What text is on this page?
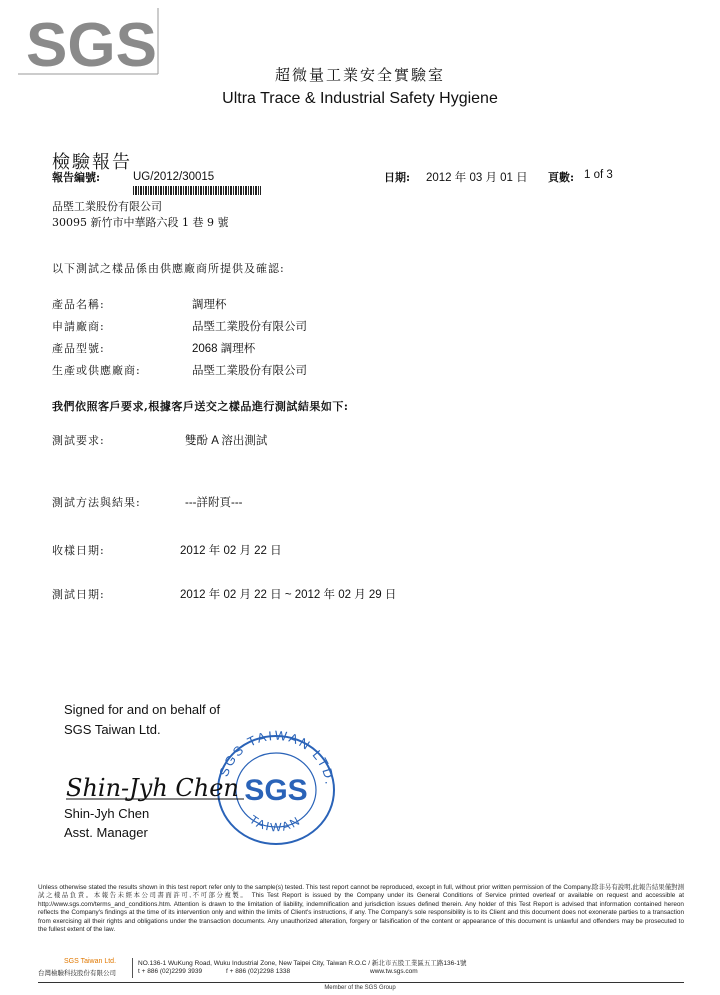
SGS	超微量工業安全實驗室
Ultra Trace & Industrial Safety Hygiene
檢驗報告
報告編號:	UG/2012/30015	日期: 2012 年 03 月 01 日 頁數: 1 of 3
品塈工業股份有限公司
30095 新竹市中華路六段 1 巷 9 號
以下測試之樣品係由供應廠商所提供及確認:
產品名稱:	調理杯
申請廠商:	品塈工業股份有限公司
產品型號:	2068 調理杯
生產或供應廠商:	品塈工業股份有限公司
我們依照客戶要求,根據客戶送交之樣品進行測試結果如下:
測試要求:	雙酚 A 溶出測試
測試方法與結果:	---詳附頁---
收樣日期:	2012 年 02 月 22 日
測試日期:	2012 年 02 月 22 日 ~ 2012 年 02 月 29 日
Signed for and on behalf of
SGS Taiwan Ltd.
SGS TAIWAN LTD.
SGS
TAIWAN
Shin-Jyh Chen
Shin-Jyh Chen
Asst. Manager
Unless otherwise stated the results shown in this test report refer only to the sample(s) tested. This test report cannot be reproduced, except in full, without prior written permission of the Company.除非另有說明,此報告結果僅對測試之樣品負責。本報告未經本公司書面許可,不可部分複製。 This Test Report is issued by the Company under its General Conditions of Service printed overleaf or available on request and accessible at http://www.sgs.com/terms_and_conditions.htm. Attention is drawn to the limitation of liability, indemnification and jurisdiction issues defined therein. Any holder of this Test Report is advised that information contained hereon reflects the Company's findings at the time of its intervention only and within the limits of Client's instructions, if any. The Company's sole responsibility is to its Client and this document does not exonerate parties to a transaction from exercising all their rights and obligations under the transaction documents. Any unauthorized alteration, forgery or falsification of the content or appearance of this document is unlawful and offenders may be prosecuted to the fullest extent of the law.
SGS Taiwan Ltd.
台灣檢驗科技股份有限公司
NO.136-1 WuKung Road, Wuku Industrial Zone, New Taipei City, Taiwan R.O.C / 新北市五股工業區五工路136-1號
t + 886 (02)2299 3939	f + 886 (02)2298 1338	www.tw.sgs.com
Member of the SGS Group
